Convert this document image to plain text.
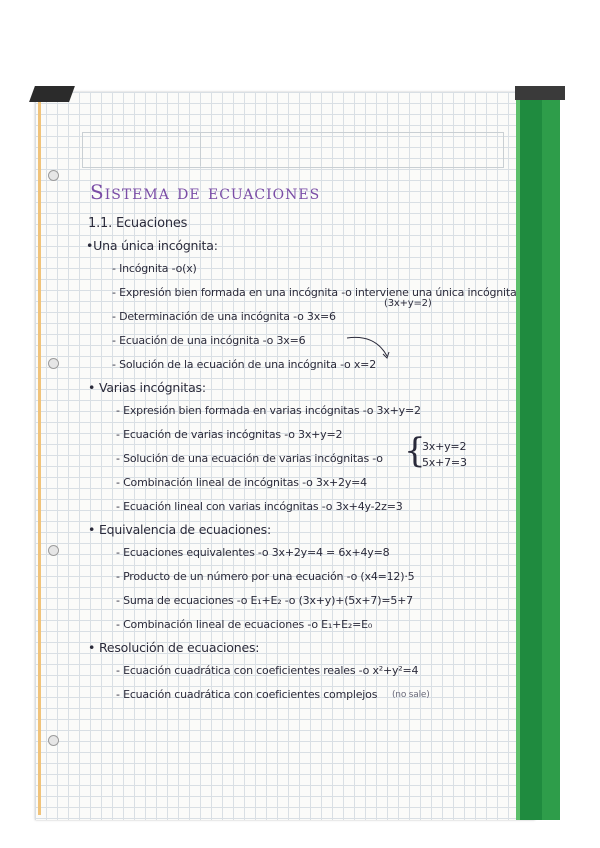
Sistema de ecuaciones
1.1. Ecuaciones
•Una única incógnita:
- Incógnita -o(x)
- Expresión bien formada en una incógnita -o interviene una única incógnita
(3x+y=2)
- Determinación de una incógnita -o 3x=6
- Ecuación de una incógnita -o 3x=6
- Solución de la ecuación de una incógnita -o x=2
• Varias incógnitas:
- Expresión bien formada en varias incógnitas -o 3x+y=2
- Ecuación de varias incógnitas -o 3x+y=2
- Solución de una ecuación de varias incógnitas -o {
3x+y=2
5x+7=3
- Combinación lineal de incógnitas -o 3x+2y=4
- Ecuación lineal con varias incógnitas -o 3x+4y-2z=3
• Equivalencia de ecuaciones:
- Ecuaciones equivalentes -o 3x+2y=4 = 6x+4y=8
- Producto de un número por una ecuación -o (x4=12)·5
- Suma de ecuaciones -o E₁+E₂ -o (3x+y)+(5x+7)=5+7
- Combinación lineal de ecuaciones -o E₁+E₂=E₀
• Resolución de ecuaciones:
- Ecuación cuadrática con coeficientes reales -o x²+y²=4
- Ecuación cuadrática con coeficientes complejos (no sale)
